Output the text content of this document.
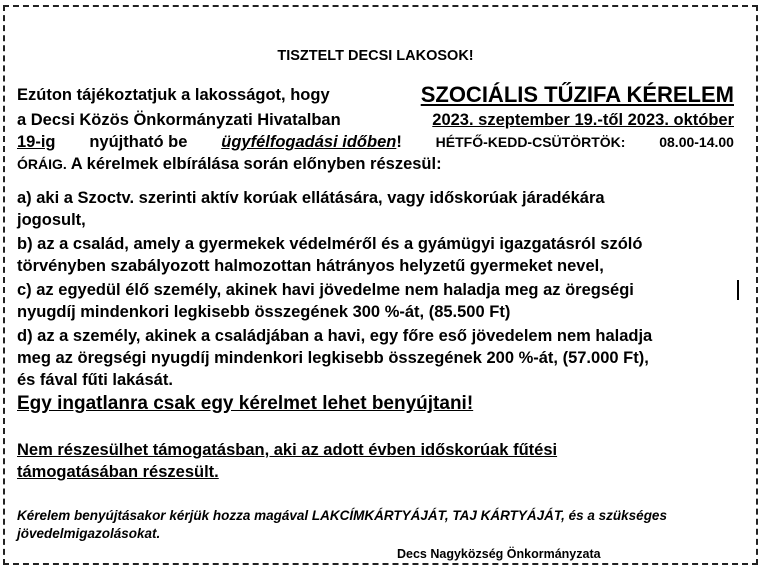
TISZTELT DECSI LAKOSOK!
Ezúton tájékoztatjuk a lakosságot, hogy	SZOCIÁLIS TŰZIFA KÉRELEM
a Decsi Közös Önkormányzati Hivatalban	2023. szeptember 19.-től 2023. október
19-ig nyújtható be ügyfélfogadási időben! HÉTFŐ-KEDD-CSÜTÖRTÖK: 08.00-14.00
ÓRÁIG. A kérelmek elbírálása során előnyben részesül:
a) aki a Szoctv. szerinti aktív korúak ellátására, vagy időskorúak járadékára
jogosult,
b) az a család, amely a gyermekek védelméről és a gyámügyi igazgatásról szóló
törvényben szabályozott halmozottan hátrányos helyzetű gyermeket nevel,
c) az egyedül élő személy, akinek havi jövedelme nem haladja meg az öregségi
nyugdíj mindenkori legkisebb összegének 300 %-át, (85.500 Ft)
d) az a személy, akinek a családjában a havi, egy főre eső jövedelem nem haladja
meg az öregségi nyugdíj mindenkori legkisebb összegének 200 %-át, (57.000 Ft),
és fával fűti lakását.
Egy ingatlanra csak egy kérelmet lehet benyújtani!
Nem részesülhet támogatásban, aki az adott évben időskorúak fűtési
támogatásában részesült.
Kérelem benyújtásakor kérjük hozza magával LAKCÍMKÁRTYÁJÁT, TAJ KÁRTYÁJÁT, és a szükséges
jövedelmigazolásokat.
Decs Nagyközség Önkormányzata
